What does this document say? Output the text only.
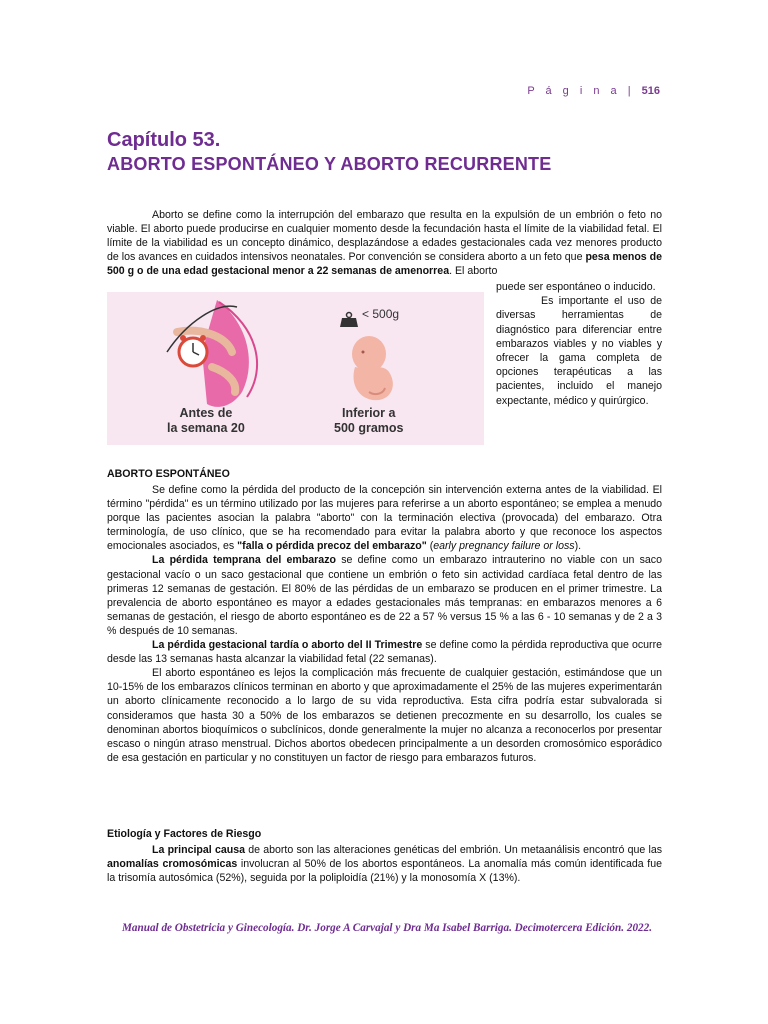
P á g i n a | 516
Capítulo 53.
ABORTO ESPONTÁNEO Y ABORTO RECURRENTE

Aborto se define como la interrupción del embarazo que resulta en la expulsión de un embrión o feto no viable. El aborto puede producirse en cualquier momento desde la fecundación hasta el límite de la viabilidad fetal. El límite de la viabilidad es un concepto dinámico, desplazándose a edades gestacionales cada vez menores producto de los avances en cuidados intensivos neonatales. Por convención se considera aborto a un feto que pesa menos de 500 g o de una edad gestacional menor a 22 semanas de amenorrea. El aborto

Antes de
la semana 20
< 500g
Inferior a
500 gramos

puede ser espontáneo o inducido.

Es importante el uso de diversas herramientas de diagnóstico para diferenciar entre embarazos viables y no viables y ofrecer la gama completa de opciones terapéuticas a las pacientes, incluido el manejo expectante, médico y quirúrgico.

ABORTO ESPONTÁNEO

Se define como la pérdida del producto de la concepción sin intervención externa antes de la viabilidad. El término "pérdida" es un término utilizado por las mujeres para referirse a un aborto espontáneo; se emplea a menudo porque las pacientes asocian la palabra "aborto" con la terminación electiva (provocada) del embarazo. Otra terminología, de uso clínico, que se ha recomendado para evitar la palabra aborto y que reconoce los aspectos emocionales asociados, es "falla o pérdida precoz del embarazo" (early pregnancy failure or loss).

La pérdida temprana del embarazo se define como un embarazo intrauterino no viable con un saco gestacional vacío o un saco gestacional que contiene un embrión o feto sin actividad cardíaca fetal dentro de las primeras 12 semanas de gestación. El 80% de las pérdidas de un embarazo se producen en el primer trimestre. La prevalencia de aborto espontáneo es mayor a edades gestacionales más tempranas: en embarazos menores a 6 semanas de gestación, el riesgo de aborto espontáneo es de 22 a 57 % versus 15 % a las 6 - 10 semanas y de 2 a 3 % después de 10 semanas.

La pérdida gestacional tardía o aborto del II Trimestre se define como la pérdida reproductiva que ocurre desde las 13 semanas hasta alcanzar la viabilidad fetal (22 semanas).

El aborto espontáneo es lejos la complicación más frecuente de cualquier gestación, estimándose que un 10-15% de los embarazos clínicos terminan en aborto y que aproximadamente el 25% de las mujeres experimentarán un aborto clínicamente reconocido a lo largo de su vida reproductiva. Esta cifra podría estar subvalorada si consideramos que hasta 30 a 50% de los embarazos se detienen precozmente en su desarrollo, los cuales se denominan abortos bioquímicos o subclínicos, donde generalmente la mujer no alcanza a reconocerlos por presentar escaso o ningún atraso menstrual. Dichos abortos obedecen principalmente a un desorden cromosómico esporádico de esa gestación en particular y no constituyen un factor de riesgo para embarazos futuros.

Etiología y Factores de Riesgo

La principal causa de aborto son las alteraciones genéticas del embrión. Un metaanálisis encontró que las anomalías cromosómicas involucran al 50% de los abortos espontáneos. La anomalía más común identificada fue la trisomía autosómica (52%), seguida por la poliploidía (21%) y la monosomía X (13%).

Manual de Obstetricia y Ginecología. Dr. Jorge A Carvajal y Dra Ma Isabel Barriga. Decimotercera Edición. 2022.
